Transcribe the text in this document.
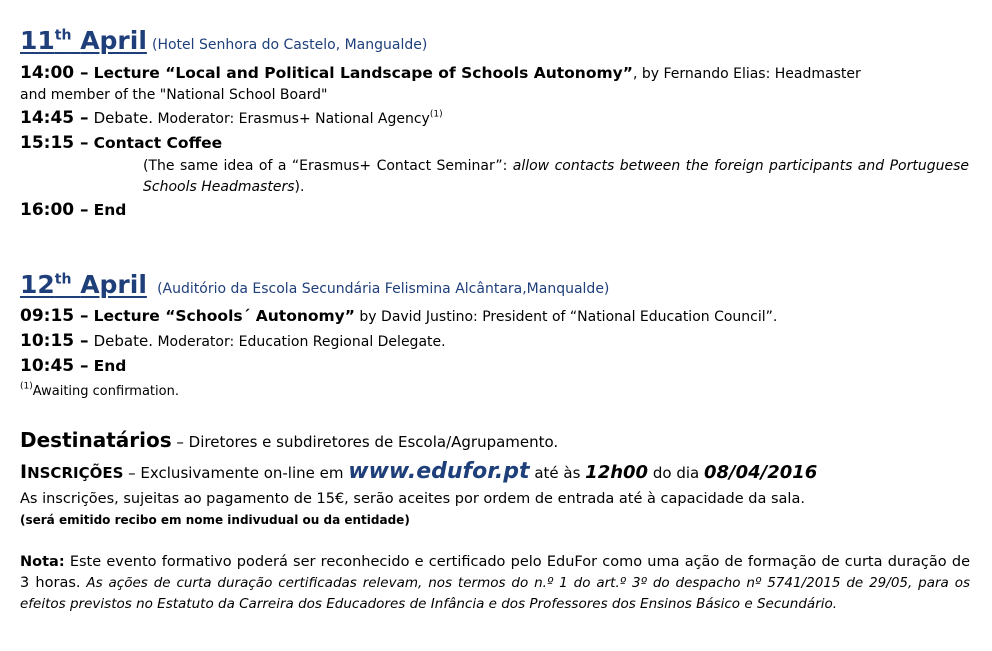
11th April (Hotel Senhora do Castelo, Mangualde)
14:00 – Lecture “Local and Political Landscape of Schools Autonomy”, by Fernando Elias: Headmaster
and member of the "National School Board"
14:45 – Debate. Moderator: Erasmus+ National Agency$^{(1)}$
15:15 – Contact Coffee
(The same idea of a “Erasmus+ Contact Seminar”: allow contacts between the foreign participants and Portuguese Schools Headmasters).
16:00 – End
12th April (Auditório da Escola Secundária Felismina Alcântara,Manqualde)
09:15 – Lecture “Schools´ Autonomy” by David Justino: President of “National Education Council”.
10:15 – Debate. Moderator: Education Regional Delegate.
10:45 – End
$^{(1)}$Awaiting confirmation.
Destinatários – Diretores e subdiretores de Escola/Agrupamento.
INSCRIÇÕES – Exclusivamente on-line em www.edufor.pt até às 12h00 do dia 08/04/2016
As inscrições, sujeitas ao pagamento de 15€, serão aceites por ordem de entrada até à capacidade da sala.
(será emitido recibo em nome indivudual ou da entidade)
Nota: Este evento formativo poderá ser reconhecido e certificado pelo EduFor como uma ação de formação de curta duração de 3 horas. As ações de curta duração certificadas relevam, nos termos do n.º 1 do art.º 3º do despacho nº 5741/2015 de 29/05, para os efeitos previstos no Estatuto da Carreira dos Educadores de Infância e dos Professores dos Ensinos Básico e Secundário.
